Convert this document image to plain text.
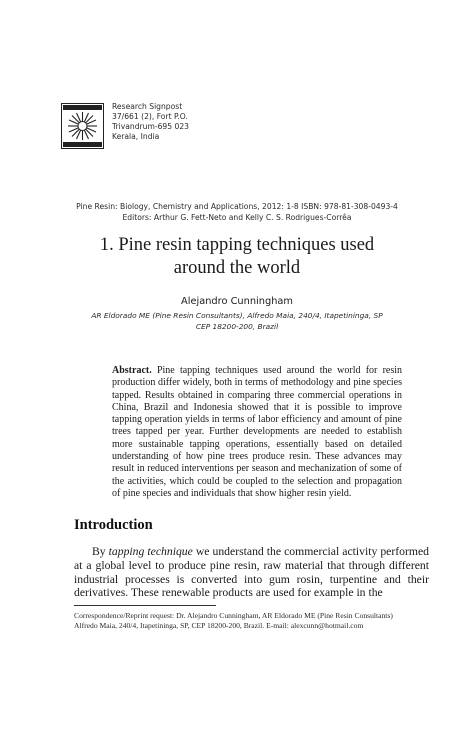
Research Signpost
37/661 (2), Fort P.O.
Trivandrum-695 023
Kerala, India
Pine Resin: Biology, Chemistry and Applications, 2012: 1-8 ISBN: 978-81-308-0493-4
Editors: Arthur G. Fett-Neto and Kelly C. S. Rodrigues-Corrêa
1. Pine resin tapping techniques used
around the world
Alejandro Cunningham
AR Eldorado ME (Pine Resin Consultants), Alfredo Maia, 240/4, Itapetininga, SP
CEP 18200-200, Brazil

Abstract. Pine tapping techniques used around the world for resin production differ widely, both in terms of methodology and pine species tapped. Results obtained in comparing three commercial operations in China, Brazil and Indonesia showed that it is possible to improve tapping operation yields in terms of labor efficiency and amount of pine trees tapped per year. Further developments are needed to establish more sustainable tapping operations, essentially based on detailed understanding of how pine trees produce resin. These advances may result in reduced interventions per season and mechanization of some of the activities, which could be coupled to the selection and propagation of pine species and individuals that show higher resin yield.

Introduction

By tapping technique we understand the commercial activity performed at a global level to produce pine resin, raw material that through different industrial processes is converted into gum rosin, turpentine and their derivatives. These renewable products are used for example in the

Correspondence/Reprint request: Dr. Alejandro Cunningham, AR Eldorado ME (Pine Resin Consultants)
Alfredo Maia, 240/4, Itapetininga, SP, CEP 18200-200, Brazil. E-mail: alexcunn@hotmail.com
